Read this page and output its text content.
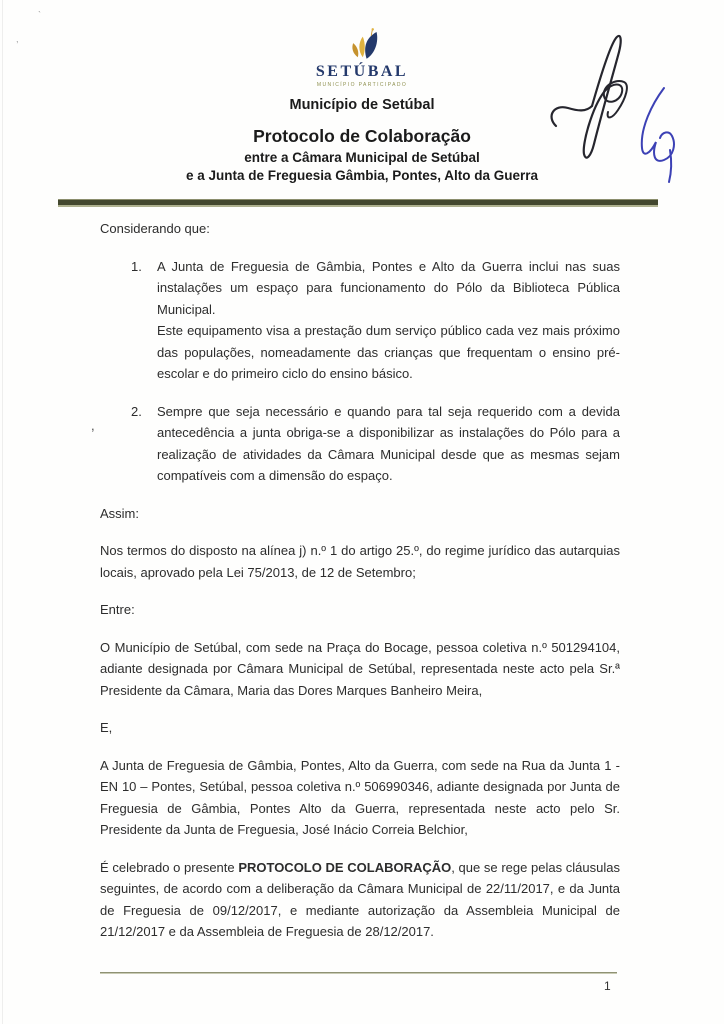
`
,
SETÚBAL
MUNICÍPIO PARTICIPADO
Município de Setúbal
Protocolo de Colaboração
entre a Câmara Municipal de Setúbal
e a Junta de Freguesia Gâmbia, Pontes, Alto da Guerra
,

Considerando que:

1.	A Junta de Freguesia de Gâmbia, Pontes e Alto da Guerra inclui nas suas instalações um espaço para funcionamento do Pólo da Biblioteca Pública Municipal.
Este equipamento visa a prestação dum serviço público cada vez mais próximo das populações, nomeadamente das crianças que frequentam o ensino pré-escolar e do primeiro ciclo do ensino básico.
2.	Sempre que seja necessário e quando para tal seja requerido com a devida antecedência a junta obriga-se a disponibilizar as instalações do Pólo para a realização de atividades da Câmara Municipal desde que as mesmas sejam compatíveis com a dimensão do espaço.

Assim:

Nos termos do disposto na alínea j) n.º 1 do artigo 25.º, do regime jurídico das autarquias locais, aprovado pela Lei 75/2013, de 12 de Setembro;

Entre:

O Município de Setúbal, com sede na Praça do Bocage, pessoa coletiva n.º 501294104, adiante designada por Câmara Municipal de Setúbal, representada neste acto pela Sr.ª Presidente da Câmara, Maria das Dores Marques Banheiro Meira,

E,

A Junta de Freguesia de Gâmbia, Pontes, Alto da Guerra, com sede na Rua da Junta 1 - EN 10 – Pontes, Setúbal, pessoa coletiva n.º 506990346, adiante designada por Junta de Freguesia de Gâmbia, Pontes Alto da Guerra, representada neste acto pelo Sr. Presidente da Junta de Freguesia, José Inácio Correia Belchior,

É celebrado o presente PROTOCOLO DE COLABORAÇÃO, que se rege pelas cláusulas seguintes, de acordo com a deliberação da Câmara Municipal de 22/11/2017, e da Junta de Freguesia de 09/12/2017, e mediante autorização da Assembleia Municipal de 21/12/2017 e da Assembleia de Freguesia de 28/12/2017.

1
